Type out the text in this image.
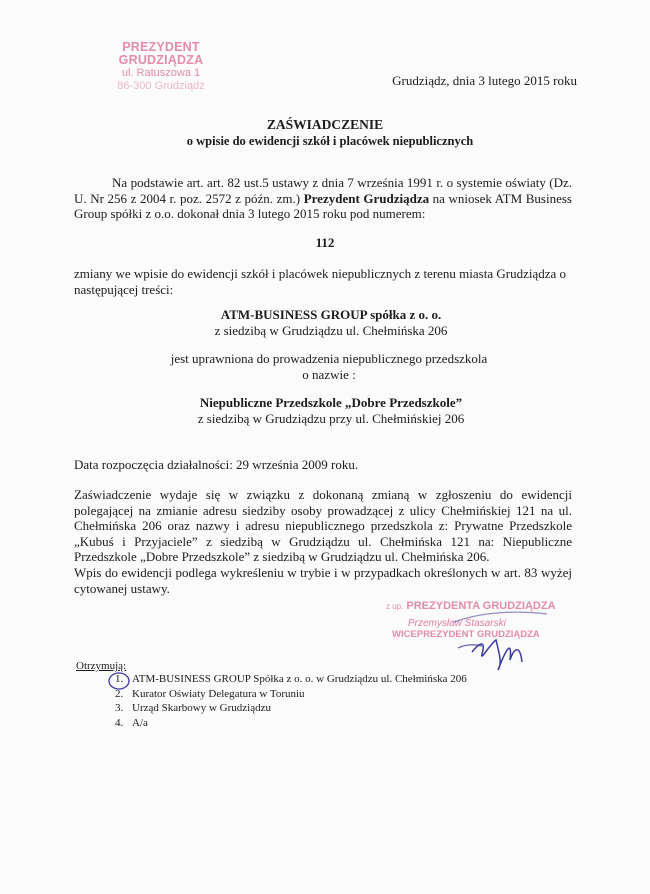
PREZYDENT GRUDZIĄDZA
ul. Ratuszowa 1
86-300 Grudziądz	Grudziądz, dnia 3 lutego 2015 roku
ZAŚWIADCZENIE
o wpisie do ewidencji szkół i placówek niepublicznych
Na podstawie art. art. 82 ust.5 ustawy z dnia 7 września 1991 r. o systemie oświaty (Dz. U. Nr 256 z 2004 r. poz. 2572 z późn. zm.) Prezydent Grudziądza na wniosek ATM Business Group spółki z o.o. dokonał dnia 3 lutego 2015 roku pod numerem:
112
zmiany we wpisie do ewidencji szkół i placówek niepublicznych z terenu miasta Grudziądza o następującej treści:
ATM-BUSINESS GROUP spółka z o. o.
z siedzibą w Grudziądzu ul. Chełmińska 206
jest uprawniona do prowadzenia niepublicznego przedszkola
o nazwie :
Niepubliczne Przedszkole „Dobre Przedszkole”
z siedzibą w Grudziądzu przy ul. Chełmińskiej 206
Data rozpoczęcia działalności: 29 września 2009 roku.
Zaświadczenie wydaje się w związku z dokonaną zmianą w zgłoszeniu do ewidencji polegającej na zmianie adresu siedziby osoby prowadzącej z ulicy Chełmińskiej 121 na ul. Chełmińska 206 oraz nazwy i adresu niepublicznego przedszkola z: Prywatne Przedszkole „Kubuś i Przyjaciele” z siedzibą w Grudziądzu ul. Chełmińska 121 na: Niepubliczne Przedszkole „Dobre Przedszkole” z siedzibą w Grudziądzu ul. Chełmińska 206.
Wpis do ewidencji podlega wykreśleniu w trybie i w przypadkach określonych w art. 83 wyżej cytowanej ustawy.
z up. PREZYDENTA GRUDZIĄDZA
Przemysław Stasarski
WICEPREZYDENT GRUDZIĄDZA
Otrzymują:
1. ATM-BUSINESS GROUP Spółka z o. o. w Grudziądzu ul. Chełmińska 206
2. Kurator Oświaty Delegatura w Toruniu
3. Urząd Skarbowy w Grudziądzu
4. A/a
